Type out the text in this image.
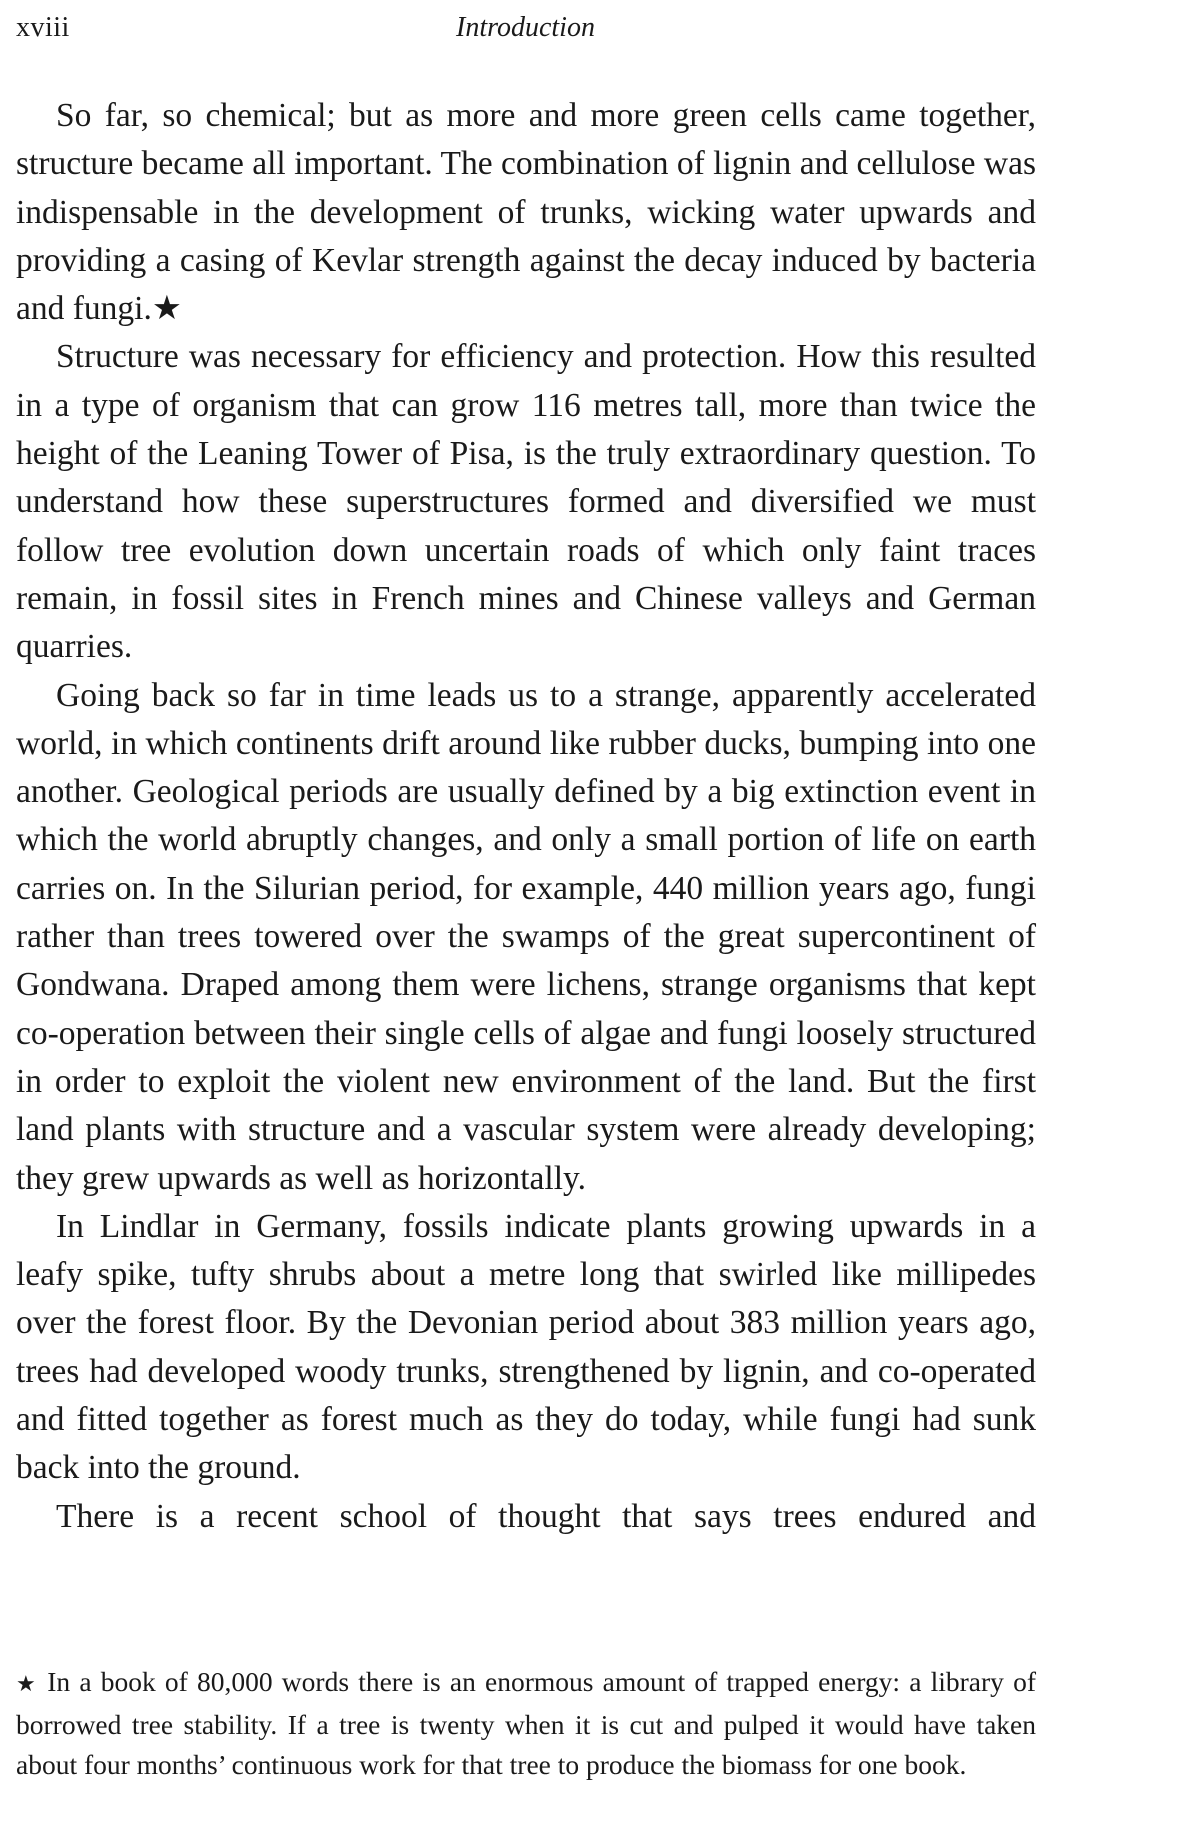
xviii	Introduction

So far, so chemical; but as more and more green cells came together, structure became all important. The combination of lignin and cellulose was indispensable in the development of trunks, wicking water upwards and providing a casing of Kevlar strength against the decay induced by bacteria and fungi.★

Structure was necessary for efficiency and protection. How this resulted in a type of organism that can grow 116 metres tall, more than twice the height of the Leaning Tower of Pisa, is the truly extraordinary question. To understand how these superstructures formed and diversified we must follow tree evolution down uncertain roads of which only faint traces remain, in fossil sites in French mines and Chinese valleys and German quarries.

Going back so far in time leads us to a strange, apparently accelerated world, in which continents drift around like rubber ducks, bumping into one another. Geological periods are usually defined by a big extinction event in which the world abruptly changes, and only a small portion of life on earth carries on. In the Silurian period, for example, 440 million years ago, fungi rather than trees towered over the swamps of the great supercontinent of Gondwana. Draped among them were lichens, strange organisms that kept co-operation between their single cells of algae and fungi loosely structured in order to exploit the violent new environment of the land. But the first land plants with structure and a vascular system were already developing; they grew upwards as well as horizontally.

In Lindlar in Germany, fossils indicate plants growing upwards in a leafy spike, tufty shrubs about a metre long that swirled like millipedes over the forest floor. By the Devonian period about 383 million years ago, trees had developed woody trunks, strengthened by lignin, and co-operated and fitted together as forest much as they do today, while fungi had sunk back into the ground.

There is a recent school of thought that says trees endured and

★ In a book of 80,000 words there is an enormous amount of trapped energy: a library of borrowed tree stability. If a tree is twenty when it is cut and pulped it would have taken about four months’ continuous work for that tree to produce the biomass for one book.
